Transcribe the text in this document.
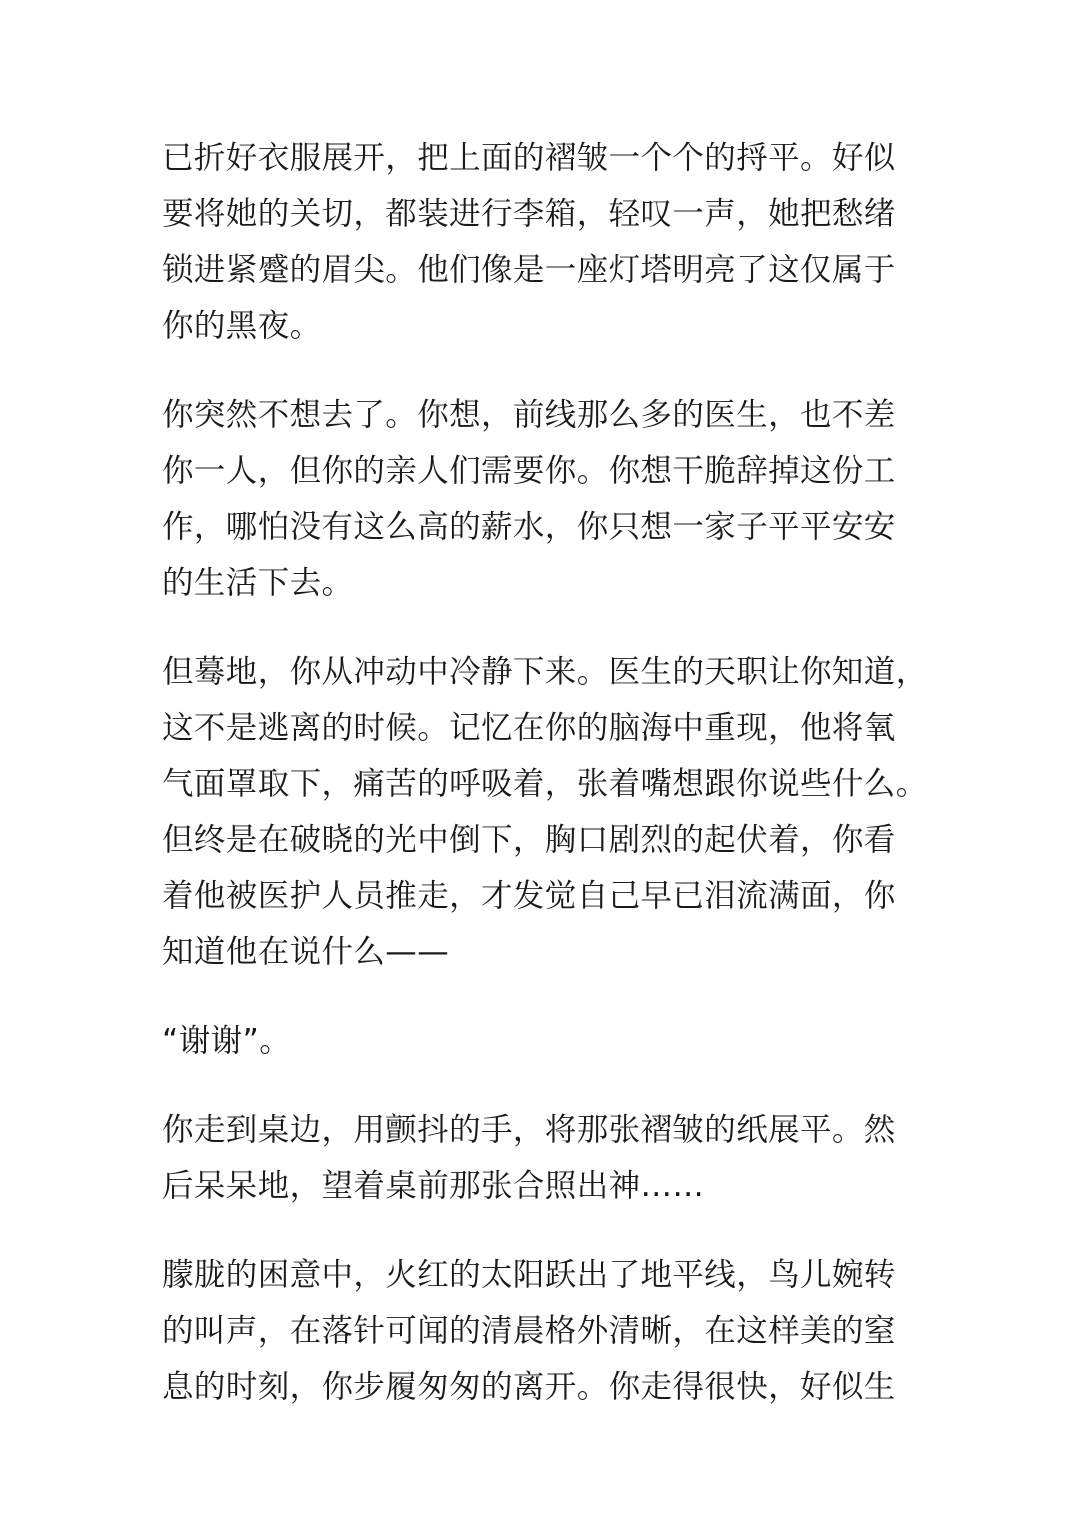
已折好衣服展开，把上面的褶皱一个个的捋平。好似
要将她的关切，都装进行李箱，轻叹一声，她把愁绪
锁进紧蹙的眉尖。他们像是一座灯塔明亮了这仅属于
你的黑夜。

你突然不想去了。你想，前线那么多的医生，也不差
你一人，但你的亲人们需要你。你想干脆辞掉这份工
作，哪怕没有这么高的薪水，你只想一家子平平安安
的生活下去。

但蓦地，你从冲动中冷静下来。医生的天职让你知道，
这不是逃离的时候。记忆在你的脑海中重现，他将氧
气面罩取下，痛苦的呼吸着，张着嘴想跟你说些什么。
但终是在破晓的光中倒下，胸口剧烈的起伏着，你看
着他被医护人员推走，才发觉自己早已泪流满面，你
知道他在说什么——

“谢谢”。

你走到桌边，用颤抖的手，将那张褶皱的纸展平。然
后呆呆地，望着桌前那张合照出神……

朦胧的困意中，火红的太阳跃出了地平线，鸟儿婉转
的叫声，在落针可闻的清晨格外清晰，在这样美的窒
息的时刻，你步履匆匆的离开。你走得很快，好似生
